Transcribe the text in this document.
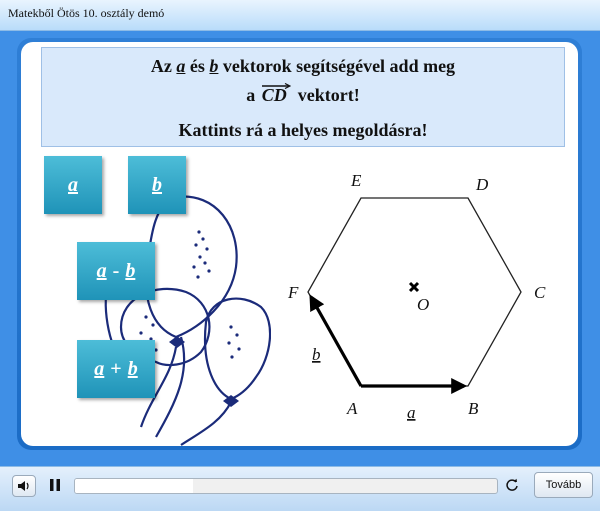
Matekből Ötös 10. osztály demó
Az a és b vektorok segítségével add meg
a CD vektort!
Kattints rá a helyes megoldásra!
a	b
a - b
a + b
A	B
C
D
E
F
O
a
b
Tovább
